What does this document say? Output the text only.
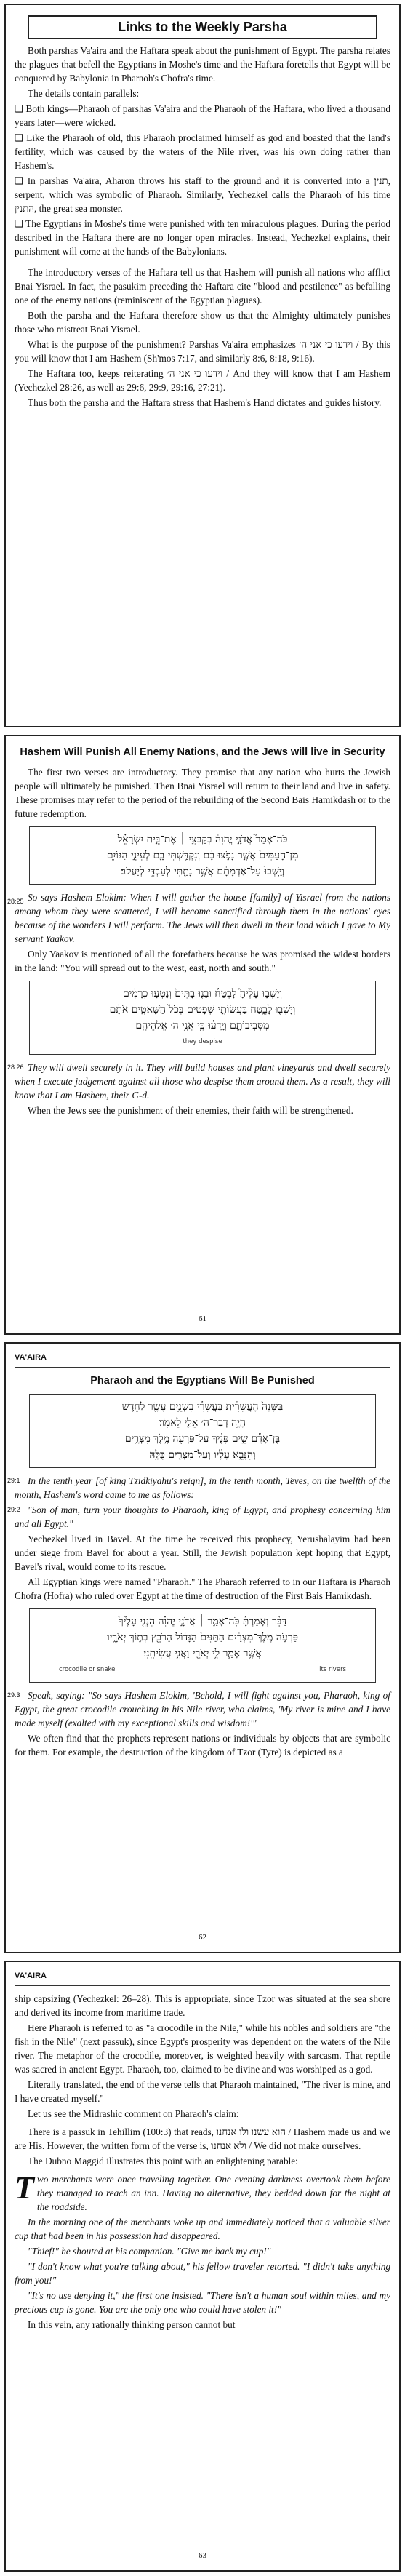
Links to the Weekly Parsha

Both parshas Va'aira and the Haftara speak about the punishment of Egypt. The parsha relates the plagues that befell the Egyptians in Moshe's time and the Haftara foretells that Egypt will be conquered by Babylonia in Pharaoh's Chofra's time.

The details contain parallels:

❑ Both kings—Pharaoh of parshas Va'aira and the Pharaoh of the Haftara, who lived a thousand years later—were wicked.

❑ Like the Pharaoh of old, this Pharaoh proclaimed himself as god and boasted that the land's fertility, which was caused by the waters of the Nile river, was his own doing rather than Hashem's.

❑ In parshas Va'aira, Aharon throws his staff to the ground and it is converted into a תנין, serpent, which was symbolic of Pharaoh. Similarly, Yechezkel calls the Pharaoh of his time התנין, the great sea monster.

❑ The Egyptians in Moshe's time were punished with ten miraculous plagues. During the period described in the Haftara there are no longer open miracles. Instead, Yechezkel explains, their punishment will come at the hands of the Babylonians.

The introductory verses of the Haftara tell us that Hashem will punish all nations who afflict Bnai Yisrael. In fact, the pasukim preceding the Haftara cite "blood and pestilence" as befalling one of the enemy nations (reminiscent of the Egyptian plagues).

Both the parsha and the Haftara therefore show us that the Almighty ultimately punishes those who mistreat Bnai Yisrael.

What is the purpose of the punishment? Parshas Va'aira emphasizes וידעו כי אני ה׳ / By this you will know that I am Hashem (Sh'mos 7:17, and similarly 8:6, 8:18, 9:16).

The Haftara too, keeps reiterating וידעו כי אני ה׳ / And they will know that I am Hashem (Yechezkel 28:26, as well as 29:6, 29:9, 29:16, 27:21).

Thus both the parsha and the Haftara stress that Hashem's Hand dictates and guides history.

Hashem Will Punish All Enemy Nations, and the Jews will live in Security

The first two verses are introductory. They promise that any nation who hurts the Jewish people will ultimately be punished. Then Bnai Yisrael will return to their land and live in safety. These promises may refer to the period of the rebuilding of the Second Bais Hamikdash or to the future redemption.

28:25
כֹּה־אָמַר֮ אֲדֹנָ֣י יֱהוִה֒ בְּקַבְּצִ֣י ׀ אֶת־בֵּ֣ית יִשְׂרָאֵ֗ל
מִן־הָעַמִּים֙ אֲשֶׁ֣ר נָפֹ֣צוּ בָ֔ם וְנִקְדַּ֥שְׁתִּי בָ֖ם לְעֵינֵ֣י הַגּוֹיִ֑ם
וְיָֽשְׁבוּ֙ עַל־אַדְמָתָ֔ם אֲשֶׁ֥ר נָתַ֖תִּי לְעַבְדִּ֥י לְיַעֲקֹֽב׃

So says Hashem Elokim: When I will gather the house [family] of Yisrael from the nations among whom they were scattered, I will become sanctified through them in the nations' eyes because of the wonders I will perform. The Jews will then dwell in their land which I gave to My servant Yaakov.

Only Yaakov is mentioned of all the forefathers because he was promised the widest borders in the land: "You will spread out to the west, east, north and south."

וְיָשְׁב֣וּ עָלֶ֘יהָ֮ לָבֶטַח֒ וּבָנ֤וּ בָתִּים֙ וְנָטְע֣וּ כְרָמִ֔ים
וְיָשְׁב֖וּ לָבֶ֑טַח בַּעֲשׂוֹתִ֣י שְׁפָטִ֗ים בְּכֹל֙ הַשָּׁאטִ֣ים אֹתָ֔ם
מִסְּבִיבוֹתָ֑ם וְיָ֣דְע֔וּ כִּ֛י אֲנִ֥י ה׳ אֱלֹהֵיהֶֽם׃
they despise
28:26 They will dwell securely in it. They will build houses and plant vineyards and dwell securely when I execute judgement against all those who despise them around them. As a result, they will know that I am Hashem, their G-d.

When the Jews see the punishment of their enemies, their faith will be strengthened.

61
VA'AIRA
Pharaoh and the Egyptians Will Be Punished
בַּשָּׁנָה֙ הָעֲשִׂרִ֔ית בָּעֲשִׂרִ֕י בִּשְׁנֵ֥ים עָשָׂ֖ר לַחֹ֑דֶשׁ
הָיָ֥ה דְבַר־ה׳ אֵלַ֖י לֵאמֹֽר׃
בֶּן־אָדָ֕ם שִׂ֣ים פָּנֶ֔יךָ עַל־פַּרְעֹ֖ה מֶ֣לֶךְ מִצְרָ֑יִם
וְהִנָּבֵ֣א עָלָ֔יו וְעַל־מִצְרַ֖יִם כֻּלָּֽהּ׃
29:1 In the tenth year [of king Tzidkiyahu's reign], in the tenth month, Teves, on the twelfth of the month, Hashem's word came to me as follows:

29:2 "Son of man, turn your thoughts to Pharaoh, king of Egypt, and prophesy concerning him and all Egypt."

Yechezkel lived in Bavel. At the time he received this prophecy, Yerushalayim had been under siege from Bavel for about a year. Still, the Jewish population kept hoping that Egypt, Bavel's rival, would come to its rescue.

All Egyptian kings were named "Pharaoh." The Pharaoh referred to in our Haftara is Pharaoh Chofra (Hofra) who ruled over Egypt at the time of destruction of the First Bais Hamikdash.

דַּבֵּ֨ר וְאָמַרְתָּ֜ כֹּֽה־אָמַ֣ר ׀ אֲדֹנָ֣י יֱהוִ֗ה הִנְנִ֤י עָלֶ֙יךָ֙
פַּרְעֹ֣ה מֶֽלֶךְ־מִצְרַ֔יִם הַתַּנִּים֙ הַגָּד֔וֹל הָרֹבֵ֖ץ בְּת֣וֹךְ יְאֹרָ֑יו
אֲשֶׁ֥ר אָמַ֛ר לִ֥י יְאֹרִ֖י וַאֲנִ֥י עֲשִׂיתִֽנִי׃
crocodile or snake	its rivers
29:3 Speak, saying: "So says Hashem Elokim, 'Behold, I will fight against you, Pharaoh, king of Egypt, the great crocodile crouching in his Nile river, who claims, 'My river is mine and I have made myself (exalted with my exceptional skills and wisdom!'"

We often find that the prophets represent nations or individuals by objects that are symbolic for them. For example, the destruction of the kingdom of Tzor (Tyre) is depicted as a

62
VA'AIRA

ship capsizing (Yechezkel: 26–28). This is appropriate, since Tzor was situated at the sea shore and derived its income from maritime trade.

Here Pharaoh is referred to as "a crocodile in the Nile," while his nobles and soldiers are "the fish in the Nile" (next passuk), since Egypt's prosperity was dependent on the waters of the Nile river. The metaphor of the crocodile, moreover, is weighted heavily with sarcasm. That reptile was sacred in ancient Egypt. Pharaoh, too, claimed to be divine and was worshiped as a god.

Literally translated, the end of the verse tells that Pharaoh maintained, "The river is mine, and I have created myself."

Let us see the Midrashic comment on Pharaoh's claim:

There is a passuk in Tehillim (100:3) that reads, הוא עשנו ולו אנחנו / Hashem made us and we are His. However, the written form of the verse is, ולא אנחנו / We did not make ourselves.

The Dubno Maggid illustrates this point with an enlightening parable:

Two merchants were once traveling together. One evening darkness overtook them before they managed to reach an inn. Having no alternative, they bedded down for the night at the roadside.

In the morning one of the merchants woke up and immediately noticed that a valuable silver cup that had been in his possession had disappeared.

"Thief!" he shouted at his companion. "Give me back my cup!"

"I don't know what you're talking about," his fellow traveler retorted. "I didn't take anything from you!"

"It's no use denying it," the first one insisted. "There isn't a human soul within miles, and my precious cup is gone. You are the only one who could have stolen it!"

In this vein, any rationally thinking person cannot but

63
